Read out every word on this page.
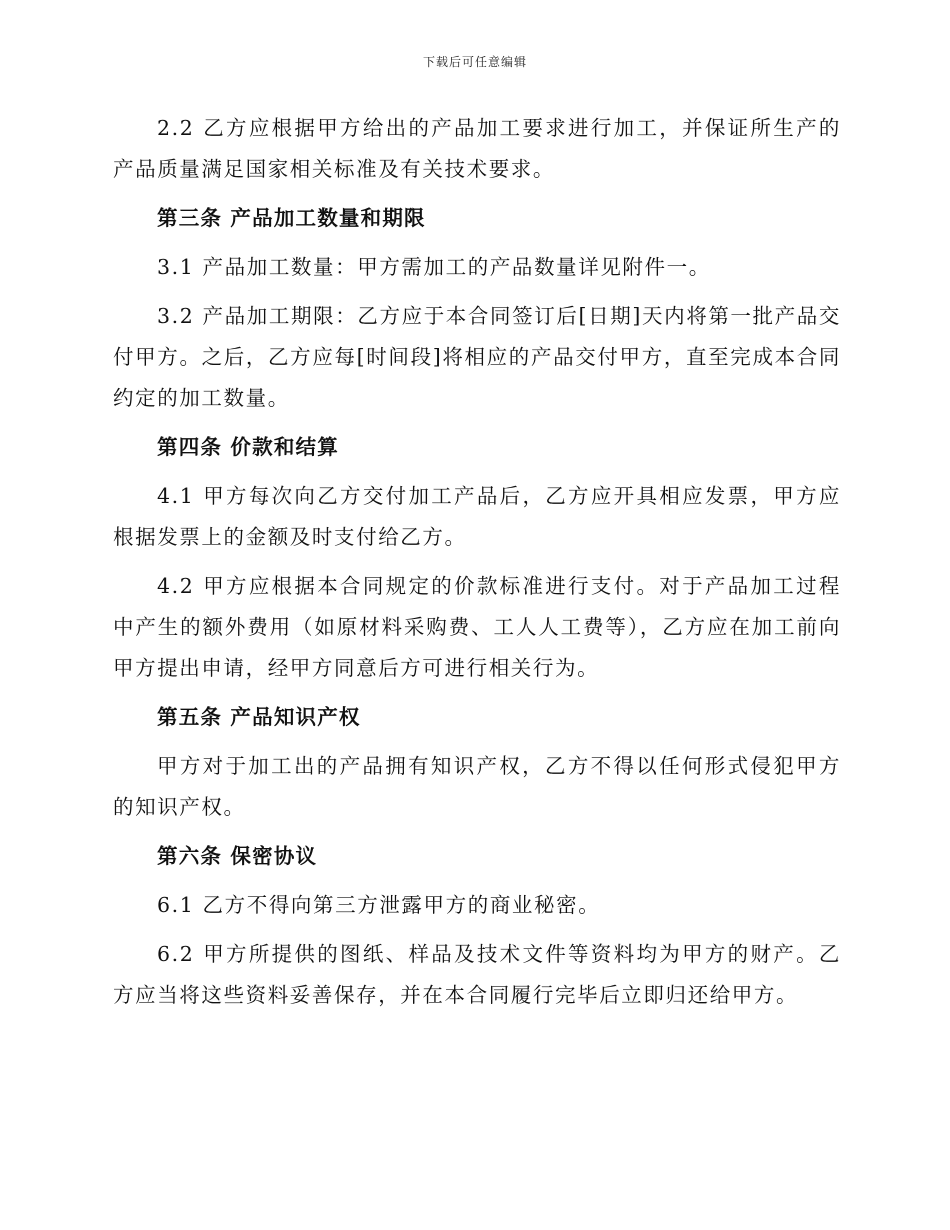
下载后可任意编辑

2.2 乙方应根据甲方给出的产品加工要求进行加工，并保证所生产的产品质量满足国家相关标准及有关技术要求。

第三条 产品加工数量和期限

3.1 产品加工数量：甲方需加工的产品数量详见附件一。

3.2 产品加工期限：乙方应于本合同签订后[日期]天内将第一批产品交付甲方。之后，乙方应每[时间段]将相应的产品交付甲方，直至完成本合同约定的加工数量。

第四条 价款和结算

4.1 甲方每次向乙方交付加工产品后，乙方应开具相应发票，甲方应根据发票上的金额及时支付给乙方。

4.2 甲方应根据本合同规定的价款标准进行支付。对于产品加工过程中产生的额外费用（如原材料采购费、工人人工费等），乙方应在加工前向甲方提出申请，经甲方同意后方可进行相关行为。

第五条 产品知识产权

甲方对于加工出的产品拥有知识产权，乙方不得以任何形式侵犯甲方的知识产权。

第六条 保密协议

6.1 乙方不得向第三方泄露甲方的商业秘密。

6.2 甲方所提供的图纸、样品及技术文件等资料均为甲方的财产。乙方应当将这些资料妥善保存，并在本合同履行完毕后立即归还给甲方。
